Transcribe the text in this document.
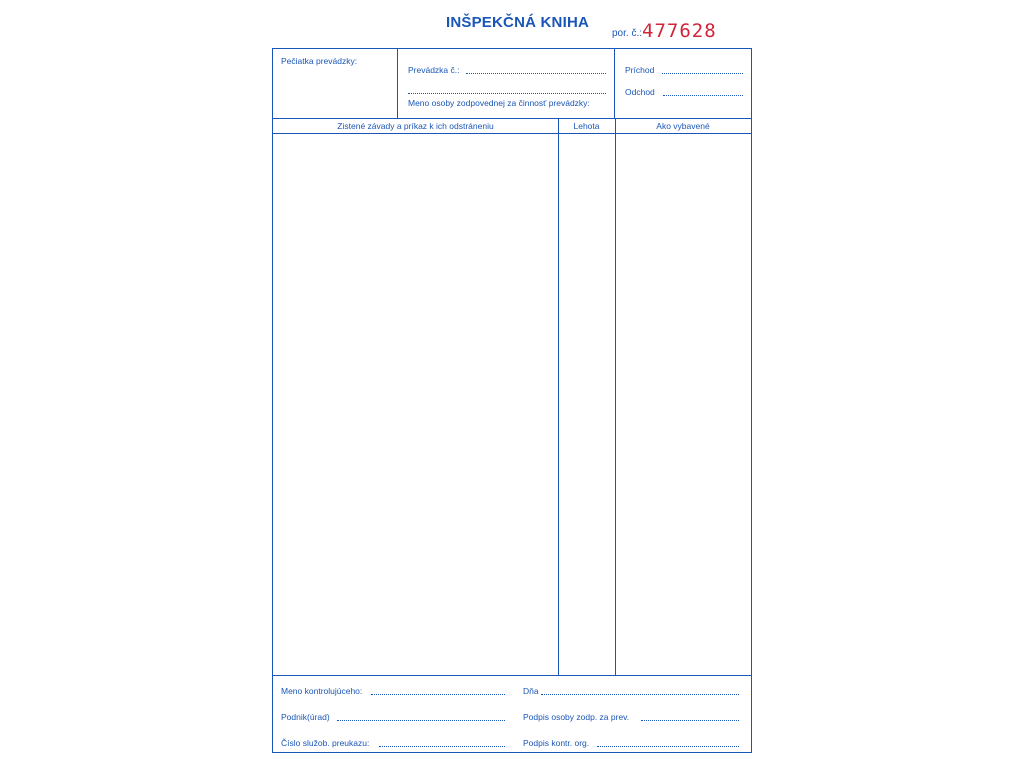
INŠPEKČNÁ KNIHA
por. č.: 477628
Pečiatka prevádzky:
Prevádzka č.:
Meno osoby zodpovednej za činnosť prevádzky:
Príchod
Odchod
Zistené závady a príkaz k ich odstráneniu	Lehota	Ako vybavené
Meno kontrolujúceho:	Dňa
Podnik(úrad)	Podpis osoby zodp. za prev.
Číslo služob. preukazu:	Podpis kontr. org.
